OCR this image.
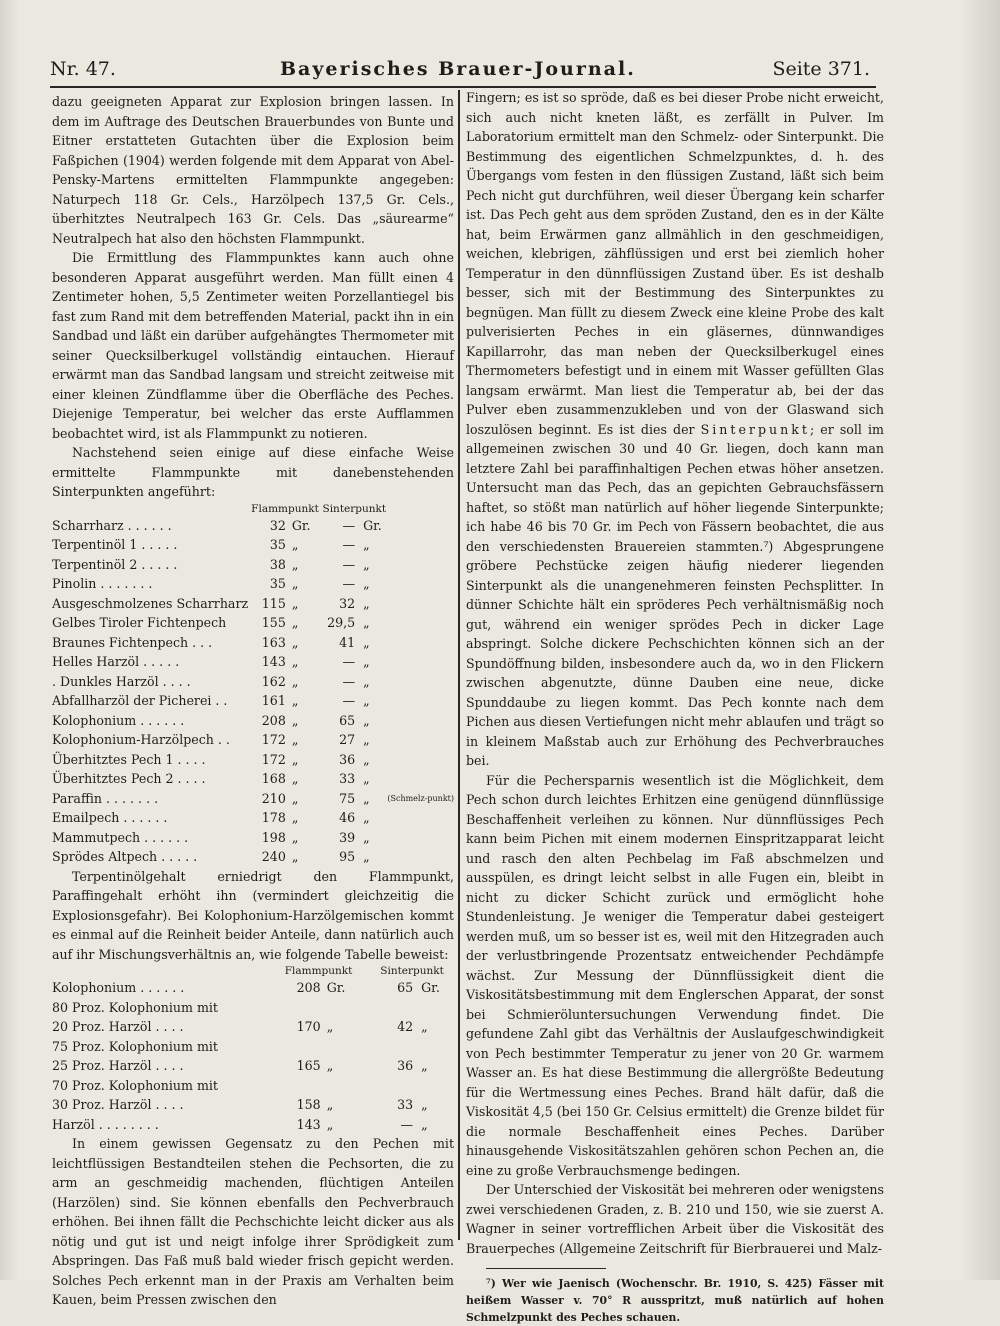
Nr. 47.	Bayerisches Brauer-Journal.	Seite 371.

dazu geeigneten Apparat zur Explosion bringen lassen. In dem im Auftrage des Deutschen Brauerbundes von Bunte und Eitner erstatteten Gutachten über die Explosion beim Faßpichen (1904) werden folgende mit dem Apparat von Abel-Pensky-Martens ermittelten Flammpunkte angegeben: Naturpech 118 Gr. Cels., Harzölpech 137,5 Gr. Cels., überhitztes Neutralpech 163 Gr. Cels. Das „säurearme“ Neutralpech hat also den höchsten Flammpunkt.

Die Ermittlung des Flammpunktes kann auch ohne besonderen Apparat ausgeführt werden. Man füllt einen 4 Zentimeter hohen, 5,5 Zentimeter weiten Porzellantiegel bis fast zum Rand mit dem betreffenden Material, packt ihn in ein Sandbad und läßt ein darüber aufgehängtes Thermometer mit seiner Quecksilberkugel vollständig eintauchen. Hierauf erwärmt man das Sandbad langsam und streicht zeitweise mit einer kleinen Zündflamme über die Oberfläche des Peches. Diejenige Temperatur, bei welcher das erste Aufflammen beobachtet wird, ist als Flammpunkt zu notieren.

Nachstehend seien einige auf diese einfache Weise ermittelte Flammpunkte mit danebenstehenden Sinterpunkten angeführt:

	Flammpunkt		Sinterpunkt		
Scharrharz . . . . . .	32	Gr.	—	Gr.	
Terpentinöl 1 . . . . .	35	„	—	„	
Terpentinöl 2 . . . . .	38	„	—	„	
Pinolin . . . . . . .	35	„	—	„	
Ausgeschmolzenes Scharrharz	115	„	32	„	
Gelbes Tiroler Fichtenpech	155	„	29,5	„	
Braunes Fichtenpech . . .	163	„	41	„	
Helles Harzöl . . . . .	143	„	—	„	
. Dunkles Harzöl . . . .	162	„	—	„	
Abfallharzöl der Picherei . .	161	„	—	„	
Kolophonium . . . . . .	208	„	65	„	
Kolophonium-Harzölpech . .	172	„	27	„	
Überhitztes Pech 1 . . . .	172	„	36	„	
Überhitztes Pech 2 . . . .	168	„	33	„	
Paraffin . . . . . . .	210	„	75	„	(Schmelz-punkt)
Emailpech . . . . . .	178	„	46	„	
Mammutpech . . . . . .	198	„	39	„	
Sprödes Altpech . . . . .	240	„	95	„	

Terpentinölgehalt erniedrigt den Flammpunkt, Paraffingehalt erhöht ihn (vermindert gleichzeitig die Explosionsgefahr). Bei Kolophonium-Harzölgemischen kommt es einmal auf die Reinheit beider Anteile, dann natürlich auch auf ihr Mischungsverhältnis an, wie folgende Tabelle beweist:

	Flammpunkt		Sinterpunkt	
Kolophonium . . . . . .	208	Gr.	65	Gr.
80 Proz. Kolophonium mit				
20 Proz. Harzöl . . . .	170	„	42	„
75 Proz. Kolophonium mit				
25 Proz. Harzöl . . . .	165	„	36	„
70 Proz. Kolophonium mit				
30 Proz. Harzöl . . . .	158	„	33	„
Harzöl . . . . . . . .	143	„	—	„

In einem gewissen Gegensatz zu den Pechen mit leichtflüssigen Bestandteilen stehen die Pechsorten, die zu arm an geschmeidig machenden, flüchtigen Anteilen (Harzölen) sind. Sie können ebenfalls den Pechverbrauch erhöhen. Bei ihnen fällt die Pechschichte leicht dicker aus als nötig und gut ist und neigt infolge ihrer Sprödigkeit zum Abspringen. Das Faß muß bald wieder frisch gepicht werden. Solches Pech erkennt man in der Praxis am Verhalten beim Kauen, beim Pressen zwischen den

Fingern; es ist so spröde, daß es bei dieser Probe nicht erweicht, sich auch nicht kneten läßt, es zerfällt in Pulver. Im Laboratorium ermittelt man den Schmelz- oder Sinterpunkt. Die Bestimmung des eigentlichen Schmelzpunktes, d. h. des Übergangs vom festen in den flüssigen Zustand, läßt sich beim Pech nicht gut durchführen, weil dieser Übergang kein scharfer ist. Das Pech geht aus dem spröden Zustand, den es in der Kälte hat, beim Erwärmen ganz allmählich in den geschmeidigen, weichen, klebrigen, zähflüssigen und erst bei ziemlich hoher Temperatur in den dünnflüssigen Zustand über. Es ist deshalb besser, sich mit der Bestimmung des Sinterpunktes zu begnügen. Man füllt zu diesem Zweck eine kleine Probe des kalt pulverisierten Peches in ein gläsernes, dünnwandiges Kapillarrohr, das man neben der Quecksilberkugel eines Thermometers befestigt und in einem mit Wasser gefüllten Glas langsam erwärmt. Man liest die Temperatur ab, bei der das Pulver eben zusammenzukleben und von der Glaswand sich loszulösen beginnt. Es ist dies der Sinterpunkt; er soll im allgemeinen zwischen 30 und 40 Gr. liegen, doch kann man letztere Zahl bei paraffinhaltigen Pechen etwas höher ansetzen. Untersucht man das Pech, das an gepichten Gebrauchsfässern haftet, so stößt man natürlich auf höher liegende Sinterpunkte; ich habe 46 bis 70 Gr. im Pech von Fässern beobachtet, die aus den verschiedensten Brauereien stammten.⁷) Abgesprungene gröbere Pechstücke zeigen häufig niederer liegenden Sinterpunkt als die unangenehmeren feinsten Pechsplitter. In dünner Schichte hält ein spröderes Pech verhältnismäßig noch gut, während ein weniger sprödes Pech in dicker Lage abspringt. Solche dickere Pechschichten können sich an der Spundöffnung bilden, insbesondere auch da, wo in den Flickern zwischen abgenutzte, dünne Dauben eine neue, dicke Spunddaube zu liegen kommt. Das Pech konnte nach dem Pichen aus diesen Vertiefungen nicht mehr ablaufen und trägt so in kleinem Maßstab auch zur Erhöhung des Pechverbrauches bei.

Für die Pechersparnis wesentlich ist die Möglichkeit, dem Pech schon durch leichtes Erhitzen eine genügend dünnflüssige Beschaffenheit verleihen zu können. Nur dünnflüssiges Pech kann beim Pichen mit einem modernen Einspritzapparat leicht und rasch den alten Pechbelag im Faß abschmelzen und ausspülen, es dringt leicht selbst in alle Fugen ein, bleibt in nicht zu dicker Schicht zurück und ermöglicht hohe Stundenleistung. Je weniger die Temperatur dabei gesteigert werden muß, um so besser ist es, weil mit den Hitzegraden auch der verlustbringende Prozentsatz entweichender Pechdämpfe wächst. Zur Messung der Dünnflüssigkeit dient die Viskositätsbestimmung mit dem Englerschen Apparat, der sonst bei Schmieröluntersuchungen Verwendung findet. Die gefundene Zahl gibt das Verhältnis der Auslaufgeschwindigkeit von Pech bestimmter Temperatur zu jener von 20 Gr. warmem Wasser an. Es hat diese Bestimmung die allergrößte Bedeutung für die Wertmessung eines Peches. Brand hält dafür, daß die Viskosität 4,5 (bei 150 Gr. Celsius ermittelt) die Grenze bildet für die normale Beschaffenheit eines Peches. Darüber hinausgehende Viskositätszahlen gehören schon Pechen an, die eine zu große Verbrauchsmenge bedingen.

Der Unterschied der Viskosität bei mehreren oder wenigstens zwei verschiedenen Graden, z. B. 210 und 150, wie sie zuerst A. Wagner in seiner vortrefflichen Arbeit über die Viskosität des Brauerpeches (Allgemeine Zeitschrift für Bierbrauerei und Malz-

⁷) Wer wie Jaenisch (Wochenschr. Br. 1910, S. 425) Fässer mit heißem Wasser v. 70° R ausspritzt, muß natürlich auf hohen Schmelzpunkt des Peches schauen.
